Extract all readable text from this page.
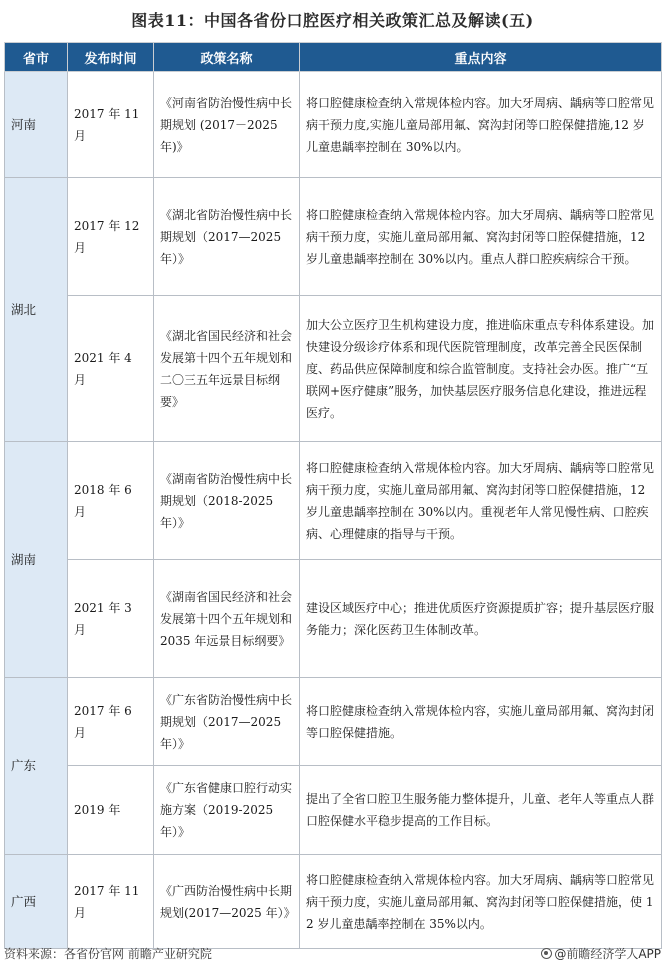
图表11：中国各省份口腔医疗相关政策汇总及解读(五)
省市	发布时间	政策名称	重点内容
河南	2017 年 11 月	《河南省防治慢性病中长期规划 (2017－2025 年)》	将口腔健康检查纳入常规体检内容。加大牙周病、龋病等口腔常见病干预力度,实施儿童局部用氟、窝沟封闭等口腔保健措施,12 岁儿童患龋率控制在 30%以内。
湖北	2017 年 12 月	《湖北省防治慢性病中长期规划（2017—2025 年）》	将口腔健康检查纳入常规体检内容。加大牙周病、龋病等口腔常见病干预力度，实施儿童局部用氟、窝沟封闭等口腔保健措施，12 岁儿童患龋率控制在 30%以内。重点人群口腔疾病综合干预。
	2021 年 4 月	《湖北省国民经济和社会发展第十四个五年规划和二〇三五年远景目标纲要》	加大公立医疗卫生机构建设力度，推进临床重点专科体系建设。加快建设分级诊疗体系和现代医院管理制度，改革完善全民医保制度、药品供应保障制度和综合监管制度。支持社会办医。推广“互联网+医疗健康”服务，加快基层医疗服务信息化建设，推进远程医疗。
湖南	2018 年 6 月	《湖南省防治慢性病中长期规划（2018-2025 年）》	将口腔健康检查纳入常规体检内容。加大牙周病、龋病等口腔常见病干预力度，实施儿童局部用氟、窝沟封闭等口腔保健措施，12 岁儿童患龋率控制在 30%以内。重视老年人常见慢性病、口腔疾病、心理健康的指导与干预。
	2021 年 3 月	《湖南省国民经济和社会发展第十四个五年规划和 2035 年远景目标纲要》	建设区域医疗中心；推进优质医疗资源提质扩容；提升基层医疗服务能力；深化医药卫生体制改革。
广东	2017 年 6 月	《广东省防治慢性病中长期规划（2017—2025 年）》	将口腔健康检查纳入常规体检内容，实施儿童局部用氟、窝沟封闭等口腔保健措施。
	2019 年	《广东省健康口腔行动实施方案（2019-2025 年）》	提出了全省口腔卫生服务能力整体提升，儿童、老年人等重点人群口腔保健水平稳步提高的工作目标。
广西	2017 年 11 月	《广西防治慢性病中长期规划(2017—2025 年）》	将口腔健康检查纳入常规体检内容。加大牙周病、龋病等口腔常见病干预力度，实施儿童局部用氟、窝沟封闭等口腔保健措施，使 12 岁儿童患龋率控制在 35%以内。
资料来源：各省份官网 前瞻产业研究院	@前瞻经济学人APP
